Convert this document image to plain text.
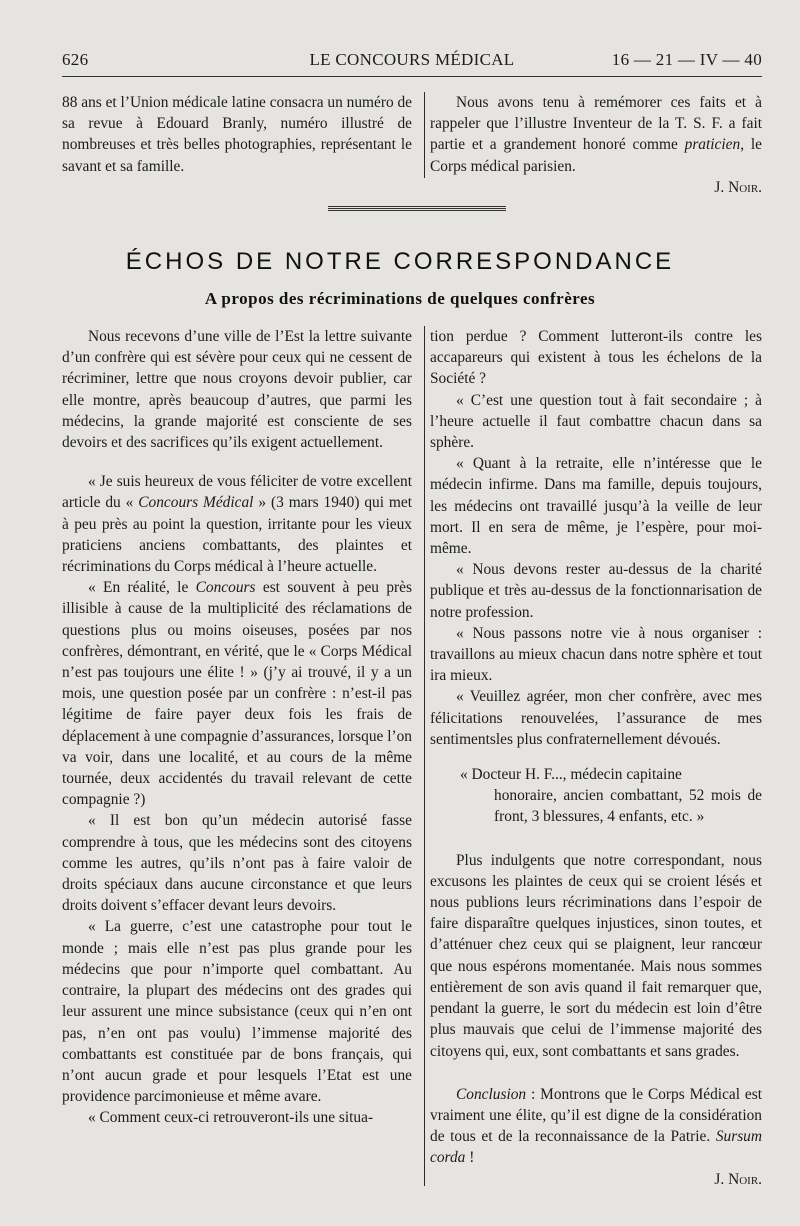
626	LE CONCOURS MÉDICAL	16 — 21 — IV — 40

88 ans et l’Union médicale latine consacra un numéro de sa revue à Edouard Branly, numéro illustré de nombreuses et très belles photographies, représentant le savant et sa famille.

Nous avons tenu à remémorer ces faits et à rappeler que l’illustre Inventeur de la T. S. F. a fait partie et a grandement honoré comme praticien, le Corps médical parisien.

J. Noir.

ÉCHOS DE NOTRE CORRESPONDANCE
A propos des récriminations de quelques confrères

Nous recevons d’une ville de l’Est la lettre suivante d’un confrère qui est sévère pour ceux qui ne cessent de récriminer, lettre que nous croyons devoir publier, car elle montre, après beaucoup d’autres, que parmi les médecins, la grande majorité est consciente de ses devoirs et des sacrifices qu’ils exigent actuellement.

« Je suis heureux de vous féliciter de votre excellent article du « Concours Médical » (3 mars 1940) qui met à peu près au point la question, irritante pour les vieux praticiens anciens combattants, des plaintes et récriminations du Corps médical à l’heure actuelle.

« En réalité, le Concours est souvent à peu près illisible à cause de la multiplicité des réclamations de questions plus ou moins oiseuses, posées par nos confrères, démontrant, en vérité, que le « Corps Médical n’est pas toujours une élite ! » (j’y ai trouvé, il y a un mois, une question posée par un confrère : n’est-il pas légitime de faire payer deux fois les frais de déplacement à une compagnie d’assurances, lorsque l’on va voir, dans une localité, et au cours de la même tournée, deux accidentés du travail relevant de cette compagnie ?)

« Il est bon qu’un médecin autorisé fasse comprendre à tous, que les médecins sont des citoyens comme les autres, qu’ils n’ont pas à faire valoir de droits spéciaux dans aucune circonstance et que leurs droits doivent s’effacer devant leurs devoirs.

« La guerre, c’est une catastrophe pour tout le monde ; mais elle n’est pas plus grande pour les médecins que pour n’importe quel combattant. Au contraire, la plupart des médecins ont des grades qui leur assurent une mince subsistance (ceux qui n’en ont pas, n’en ont pas voulu) l’immense majorité des combattants est constituée par de bons français, qui n’ont aucun grade et pour lesquels l’Etat est une providence parcimonieuse et même avare.

« Comment ceux-ci retrouveront-ils une situa-

tion perdue ? Comment lutteront-ils contre les accapareurs qui existent à tous les échelons de la Société ?

« C’est une question tout à fait secondaire ; à l’heure actuelle il faut combattre chacun dans sa sphère.

« Quant à la retraite, elle n’intéresse que le médecin infirme. Dans ma famille, depuis toujours, les médecins ont travaillé jusqu’à la veille de leur mort. Il en sera de même, je l’espère, pour moi-même.

« Nous devons rester au-dessus de la charité publique et très au-dessus de la fonctionnarisation de notre profession.

« Nous passons notre vie à nous organiser : travaillons au mieux chacun dans notre sphère et tout ira mieux.

« Veuillez agréer, mon cher confrère, avec mes félicitations renouvelées, l’assurance de mes sentimentsles plus confraternellement dévoués.

« Docteur H. F..., médecin capitaine

honoraire, ancien combattant, 52 mois de front, 3 blessures, 4 enfants, etc. »

Plus indulgents que notre correspondant, nous excusons les plaintes de ceux qui se croient lésés et nous publions leurs récriminations dans l’espoir de faire disparaître quelques injustices, sinon toutes, et d’atténuer chez ceux qui se plaignent, leur rancœur que nous espérons momentanée. Mais nous sommes entièrement de son avis quand il fait remarquer que, pendant la guerre, le sort du médecin est loin d’être plus mauvais que celui de l’immense majorité des citoyens qui, eux, sont combattants et sans grades.

Conclusion : Montrons que le Corps Médical est vraiment une élite, qu’il est digne de la considération de tous et de la reconnaissance de la Patrie. Sursum corda !

J. Noir.
